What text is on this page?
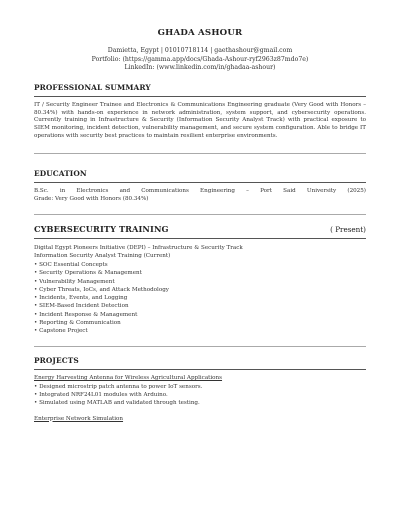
GHADA ASHOUR
Damietta, Egypt | 01010718114 | gaethashour@gmail.com
Portfolio: (https://gamma.app/docs/Ghada-Ashour-ryf2963z87mdo7e)
LinkedIn: (www.linkedin.com/in/ghadaa-ashour)
PROFESSIONAL SUMMARY
IT / Security Engineer Trainee and Electronics & Communications Engineering graduate (Very Good with Honors – 80.34%) with hands-on experience in network administration, system support, and cybersecurity operations. Currently training in Infrastructure & Security (Information Security Analyst Track) with practical exposure to SIEM monitoring, incident detection, vulnerability management, and secure system configuration. Able to bridge IT operations with security best practices to maintain resilient enterprise environments.
EDUCATION
B.Sc. in Electronics and Communications Engineering – Port Said University (2025)
Grade: Very Good with Honors (80.34%)
CYBERSECURITY TRAINING	( Present)
Digital Egypt Pioneers Initiative (DEPI) – Infrastructure & Security Track
Information Security Analyst Training (Current)
• SOC Essential Concepts
• Security Operations & Management
• Vulnerability Management
• Cyber Threats, IoCs, and Attack Methodology
• Incidents, Events, and Logging
• SIEM-Based Incident Detection
• Incident Response & Management
• Reporting & Communication
• Capstone Project
PROJECTS
Energy Harvesting Antenna for Wireless Agricultural Applications
• Designed microstrip patch antenna to power IoT sensors.
• Integrated NRF24L01 modules with Arduino.
• Simulated using MATLAB and validated through testing.
Enterprise Network Simulation
